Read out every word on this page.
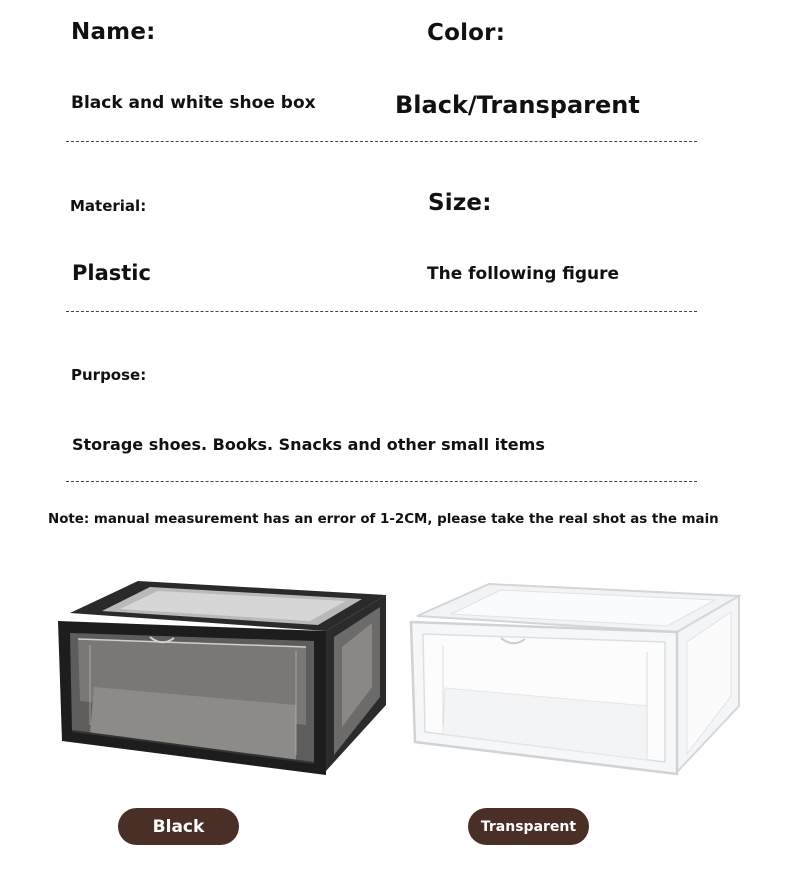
Name:	Color:
Black and white shoe box	Black/Transparent
Material:	Size:
Plastic	The following figure
Purpose:
Storage shoes. Books. Snacks and other small items
Note: manual measurement has an error of 1-2CM, please take the real shot as the main
Black	Transparent
